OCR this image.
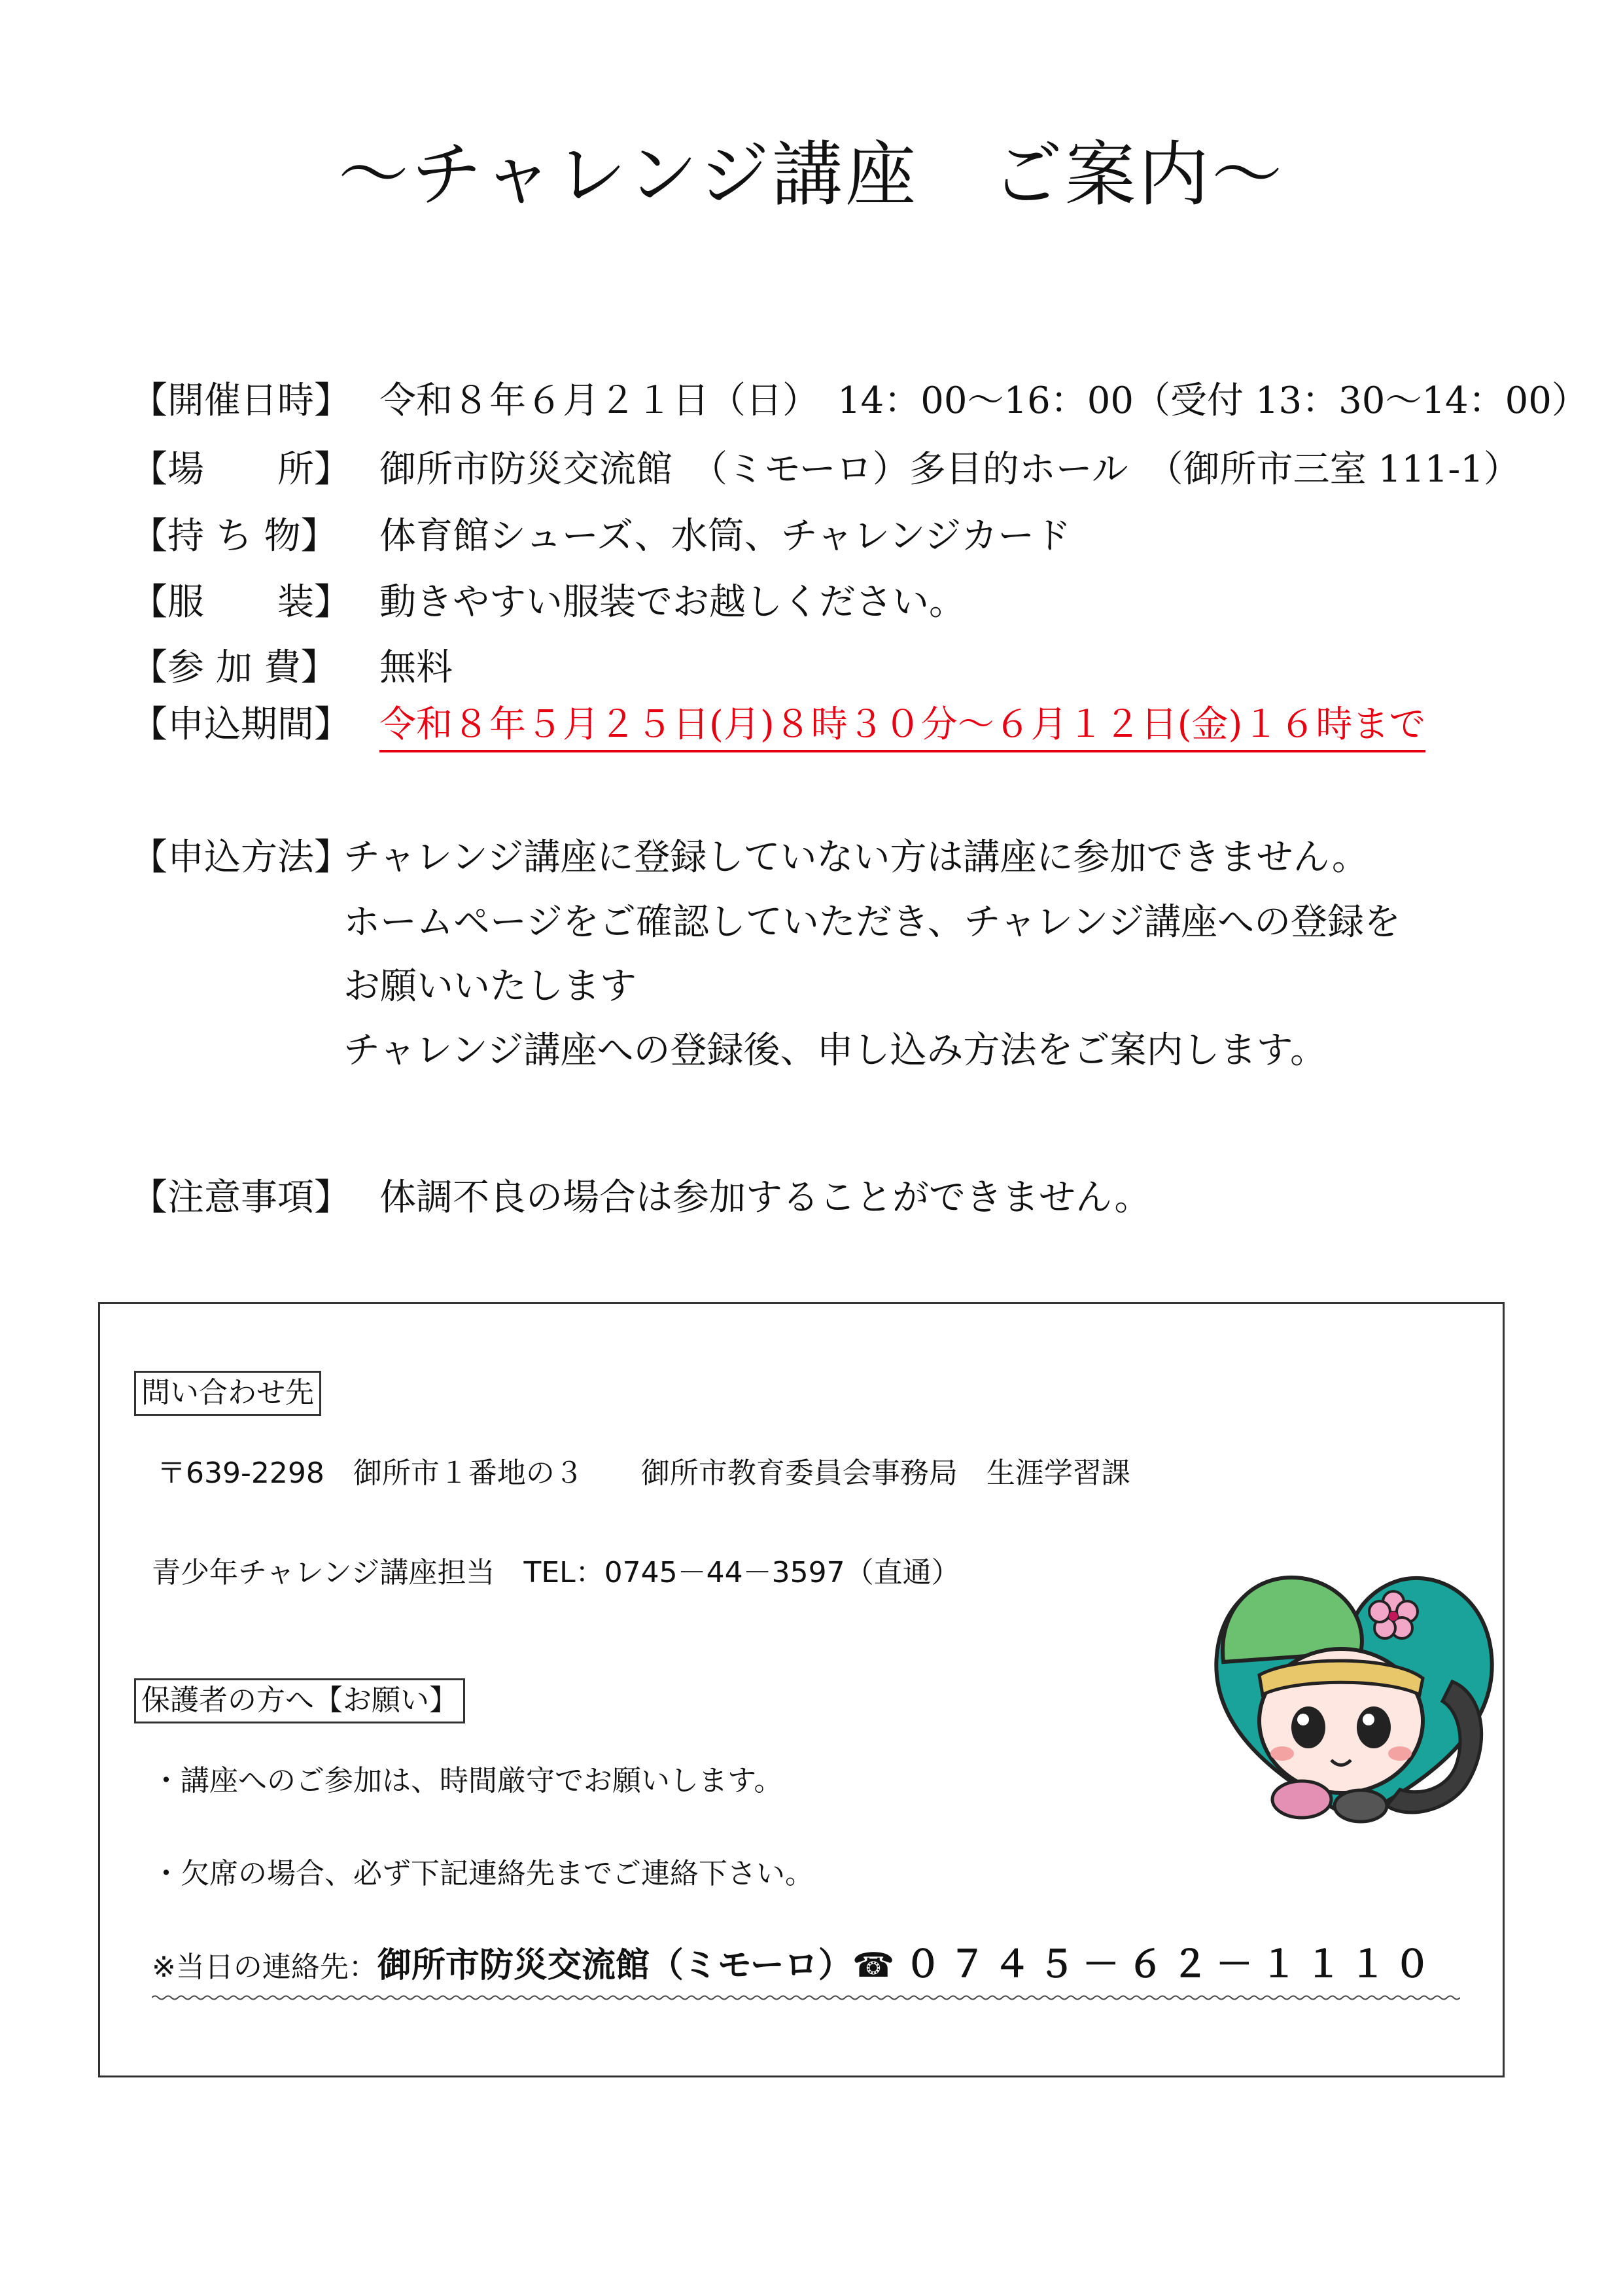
～チャレンジ講座　ご案内～
【開催日時】 令和８年６月２１日（日）　14：00～16：00（受付 13：30～14：00）
【場　　所】 御所市防災交流館　（ミモーロ）多目的ホール　（御所市三室 111-1）
【持 ち 物】 体育館シューズ、水筒、チャレンジカード
【服　　装】 動きやすい服装でお越しください。
【参 加 費】 無料
【申込期間】 令和８年５月２５日(月)８時３０分～６月１２日(金)１６時まで
【申込方法】
チャレンジ講座に登録していない方は講座に参加できません。
ホームページをご確認していただき、チャレンジ講座への登録を
お願いいたします
チャレンジ講座への登録後、申し込み方法をご案内します。
【注意事項】 体調不良の場合は参加することができません。
問い合わせ先
〒639-2298　御所市１番地の３　　御所市教育委員会事務局　生涯学習課
青少年チャレンジ講座担当　TEL：0745－44－3597（直通）
保護者の方へ【お願い】
・講座へのご参加は、時間厳守でお願いします。
・欠席の場合、必ず下記連絡先までご連絡下さい。
※当日の連絡先：御所市防災交流館（ミモーロ）☎ ０７４５－６２－１１１０
